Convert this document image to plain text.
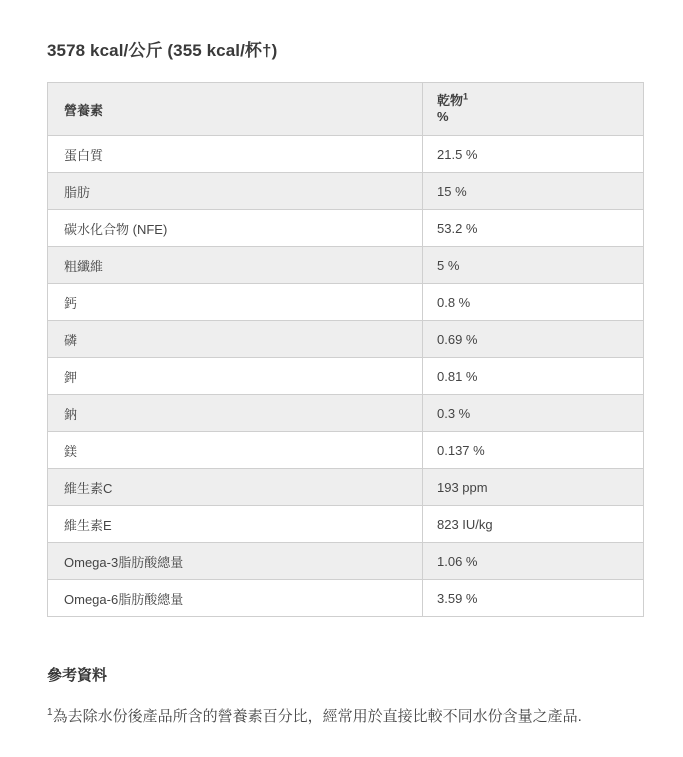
3578 kcal/公斤 (355 kcal/杯†)
營養素	乾物$^1$
%
蛋白質	21.5 %
脂肪	15 %
碳水化合物 (NFE)	53.2 %
粗纖維	5 %
鈣	0.8 %
磷	0.69 %
鉀	0.81 %
鈉	0.3 %
鎂	0.137 %
維生素C	193 ppm
維生素E	823 IU/kg
Omega-3脂肪酸總量	1.06 %
Omega-6脂肪酸總量	3.59 %
參考資料
$^1$為去除水份後產品所含的營養素百分比，經常用於直接比較不同水份含量之產品.
